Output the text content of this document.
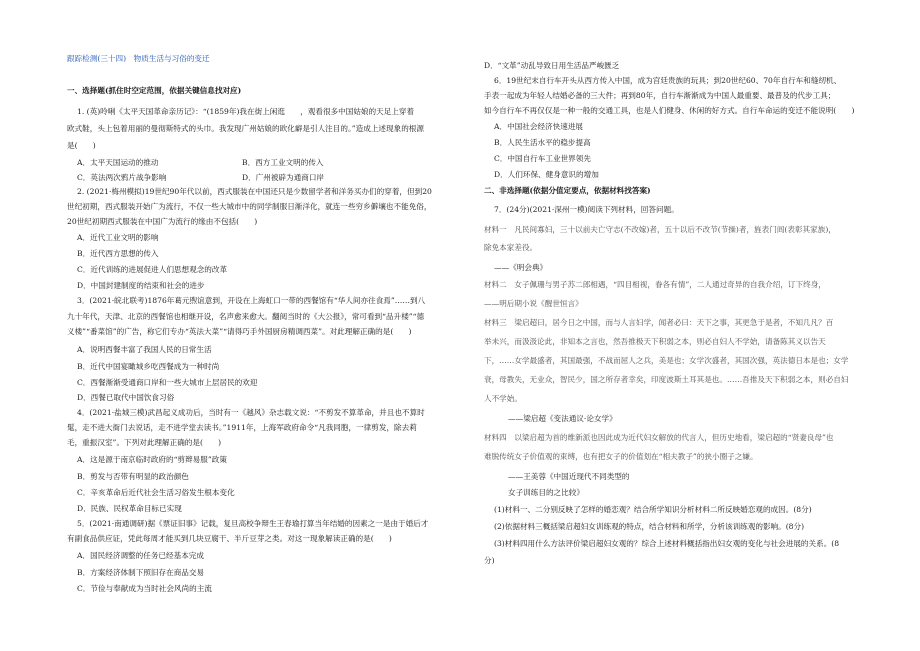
跟踪检测(三十四)　物质生活与习俗的变迁
一、选择题(抓住时空定范围，依据关键信息找对应)
1. (英)呤唎《太平天国革命亲历记》：“(1859年)我在街上闲逛　　，观看很多中国姑娘的天足上穿着
欧式鞋，头上包着用丽的曼彻斯特式的头巾。我发现广州姑娘的欧化癖是引人注目的。”造成上述现象的根源
是(　　)
A．太平天国运动的推动	B．西方工业文明的传入
C．英法两次鸦片战争影响	D．广州被辟为通商口岸
2. (2021·梅州模拟)19世纪90年代以前，西式服装在中国还只是少数留学者和洋务买办们的穿着，但到20
世纪初期，西式服装开始广为流行，不仅一些大城市中的同学制服日渐洋化，就连一些穷乡僻壤也不能免俗，
20世纪初期西式服装在中国广为流行的缘由不包括(　　)
A．近代工业文明的影响
B．近代西方思想的传入
C．近代训练的进展促进人们思想观念的改革
D．中国封建制度的结束和社会的进步
3．(2021·皖北联考)1876年葛元煦谊意到，开设在上海虹口一带的西餐馆有“华人间亦往食焉”……到八
九十年代，天津、北京的西餐馆也相继开设，名声愈来愈大。翻阅当时的《大公报》，常可看到“品升楼”“德
义楼”“番菜馆”的广告，称它们专办“英法大菜”“请得巧手外国厨房精调西菜”。对此理解正确的是(　　)
A．说明西餐丰富了我国人民的日常生活
B．近代中国宴瞰城乡吃西餐成为一种时尚
C．西餐渐渐受通商口岸和一些大城市上层居民的欢迎
D．西餐已取代中国饮食习俗
4．(2021·盐城三模)武昌起义成功后，当时有一《越风》杂志载文说：“不剪发不算革命，并且也不算时
髦，走不进大衙门去说话，走不进学堂去读书。”1911年，上海军政府命令“凡我同胞，一律剪发，除去莉
毛，重振汉室”。下列对此理解正确的是(　　)
A．这是源于南京临时政府的“剪辫易服”政策
B．剪发与否带有明显的政治颜色
C．辛亥革命后近代社会生活习俗发生根本变化
D．民族、民权革命目标已实现
5．(2021·南通调研)据《票证旧事》记载，复旦高校争辩生王春瑜打算当年结婚的因素之一是由于婚后才
有副食品供应证，凭此每周才能买到几块豆腐干、半斤豆芽之类。对这一现象解读正确的是(　　)
A．国民经济调整的任务已经基本完成
B．方案经济体制下照旧存在商品交易
C．节俭与奉献成为当时社会风尚的主流
D．“文革”动乱导致日用生活品严峻匮乏
6．19世纪末自行车开头从西方传入中国，成为宫廷贵族的玩具；到20世纪60、70年自行车和缝纫机、
手表一起成为年轻人结婚必备的三大件；再到80年，自行车渐渐成为中国人最重要、最普及的代步工具；
如今自行车不再仅仅是一种一般的交通工具，也是人们健身、休闲的好方式。自行车命运的变迁不能说明(　　)
A．中国社会经济快速进展
B．人民生活水平的稳步提高
C．中国自行车工业世界领先
D．人们环保、健身意识的增加
二、非选择题(依据分值定要点，依据材料找答案)
7．(24分)(2021·深州一模)阅读下列材料，回答问题。
材料一　凡民间寡妇，三十以前夫亡守志(不改嫁)者，五十以后不改节(节操)者，旌表门闾(表彰其家族)，
除免本家差役。
——《明会典》
材料二　女子佩珊与男子苏二郎相遇，“四目相视，眷各有情”，二人通过奇异的自我介绍，订下终身，
——明后期小说《醒世恒言》
材料三　梁启超曰，居今日之中国，而与人言妇学，闻者必曰：天下之事，其更急于是者，不知几凡？百
举未兴，而汲汲论此，非知本之言也，然吾推极天下积弱之本，则必自妇人不学始，请备陈其义以告天
下，……女学最盛者，其国最强，不战而屈人之兵，美是也；女学次盛者，其国次强，英法德日本是也；女学
衰，母教失，无业众，智民少，国之所存者幸矣，印度波斯土耳其是也。……吾推及天下积弱之本，则必自妇
人不学始。
——梁启超《变法通议·论女学》
材料四　以梁启超为首的维新派也因此成为近代妇女解放的代言人，但历史地看，梁启超的“贤妻良母”也
难脱传统女子价值观的束缚，也有把女子的价值划在“相夫教子”的狭小圈子之嫌。
——王美蓉《中国近现代不同类型的
女子训练目的之比较》
(1)材料一、二分别反映了怎样的婚恋观？结合所学知识分析材料二所反映婚恋观的成因。(8分)
(2)依据材料三概括梁启超妇女训练观的特点，结合材料和所学，分析该训练观的影响。(8分)
(3)材料四用什么方法评价梁启超妇女观的？综合上述材料概括指出妇女观的变化与社会进展的关系。(8
分)
